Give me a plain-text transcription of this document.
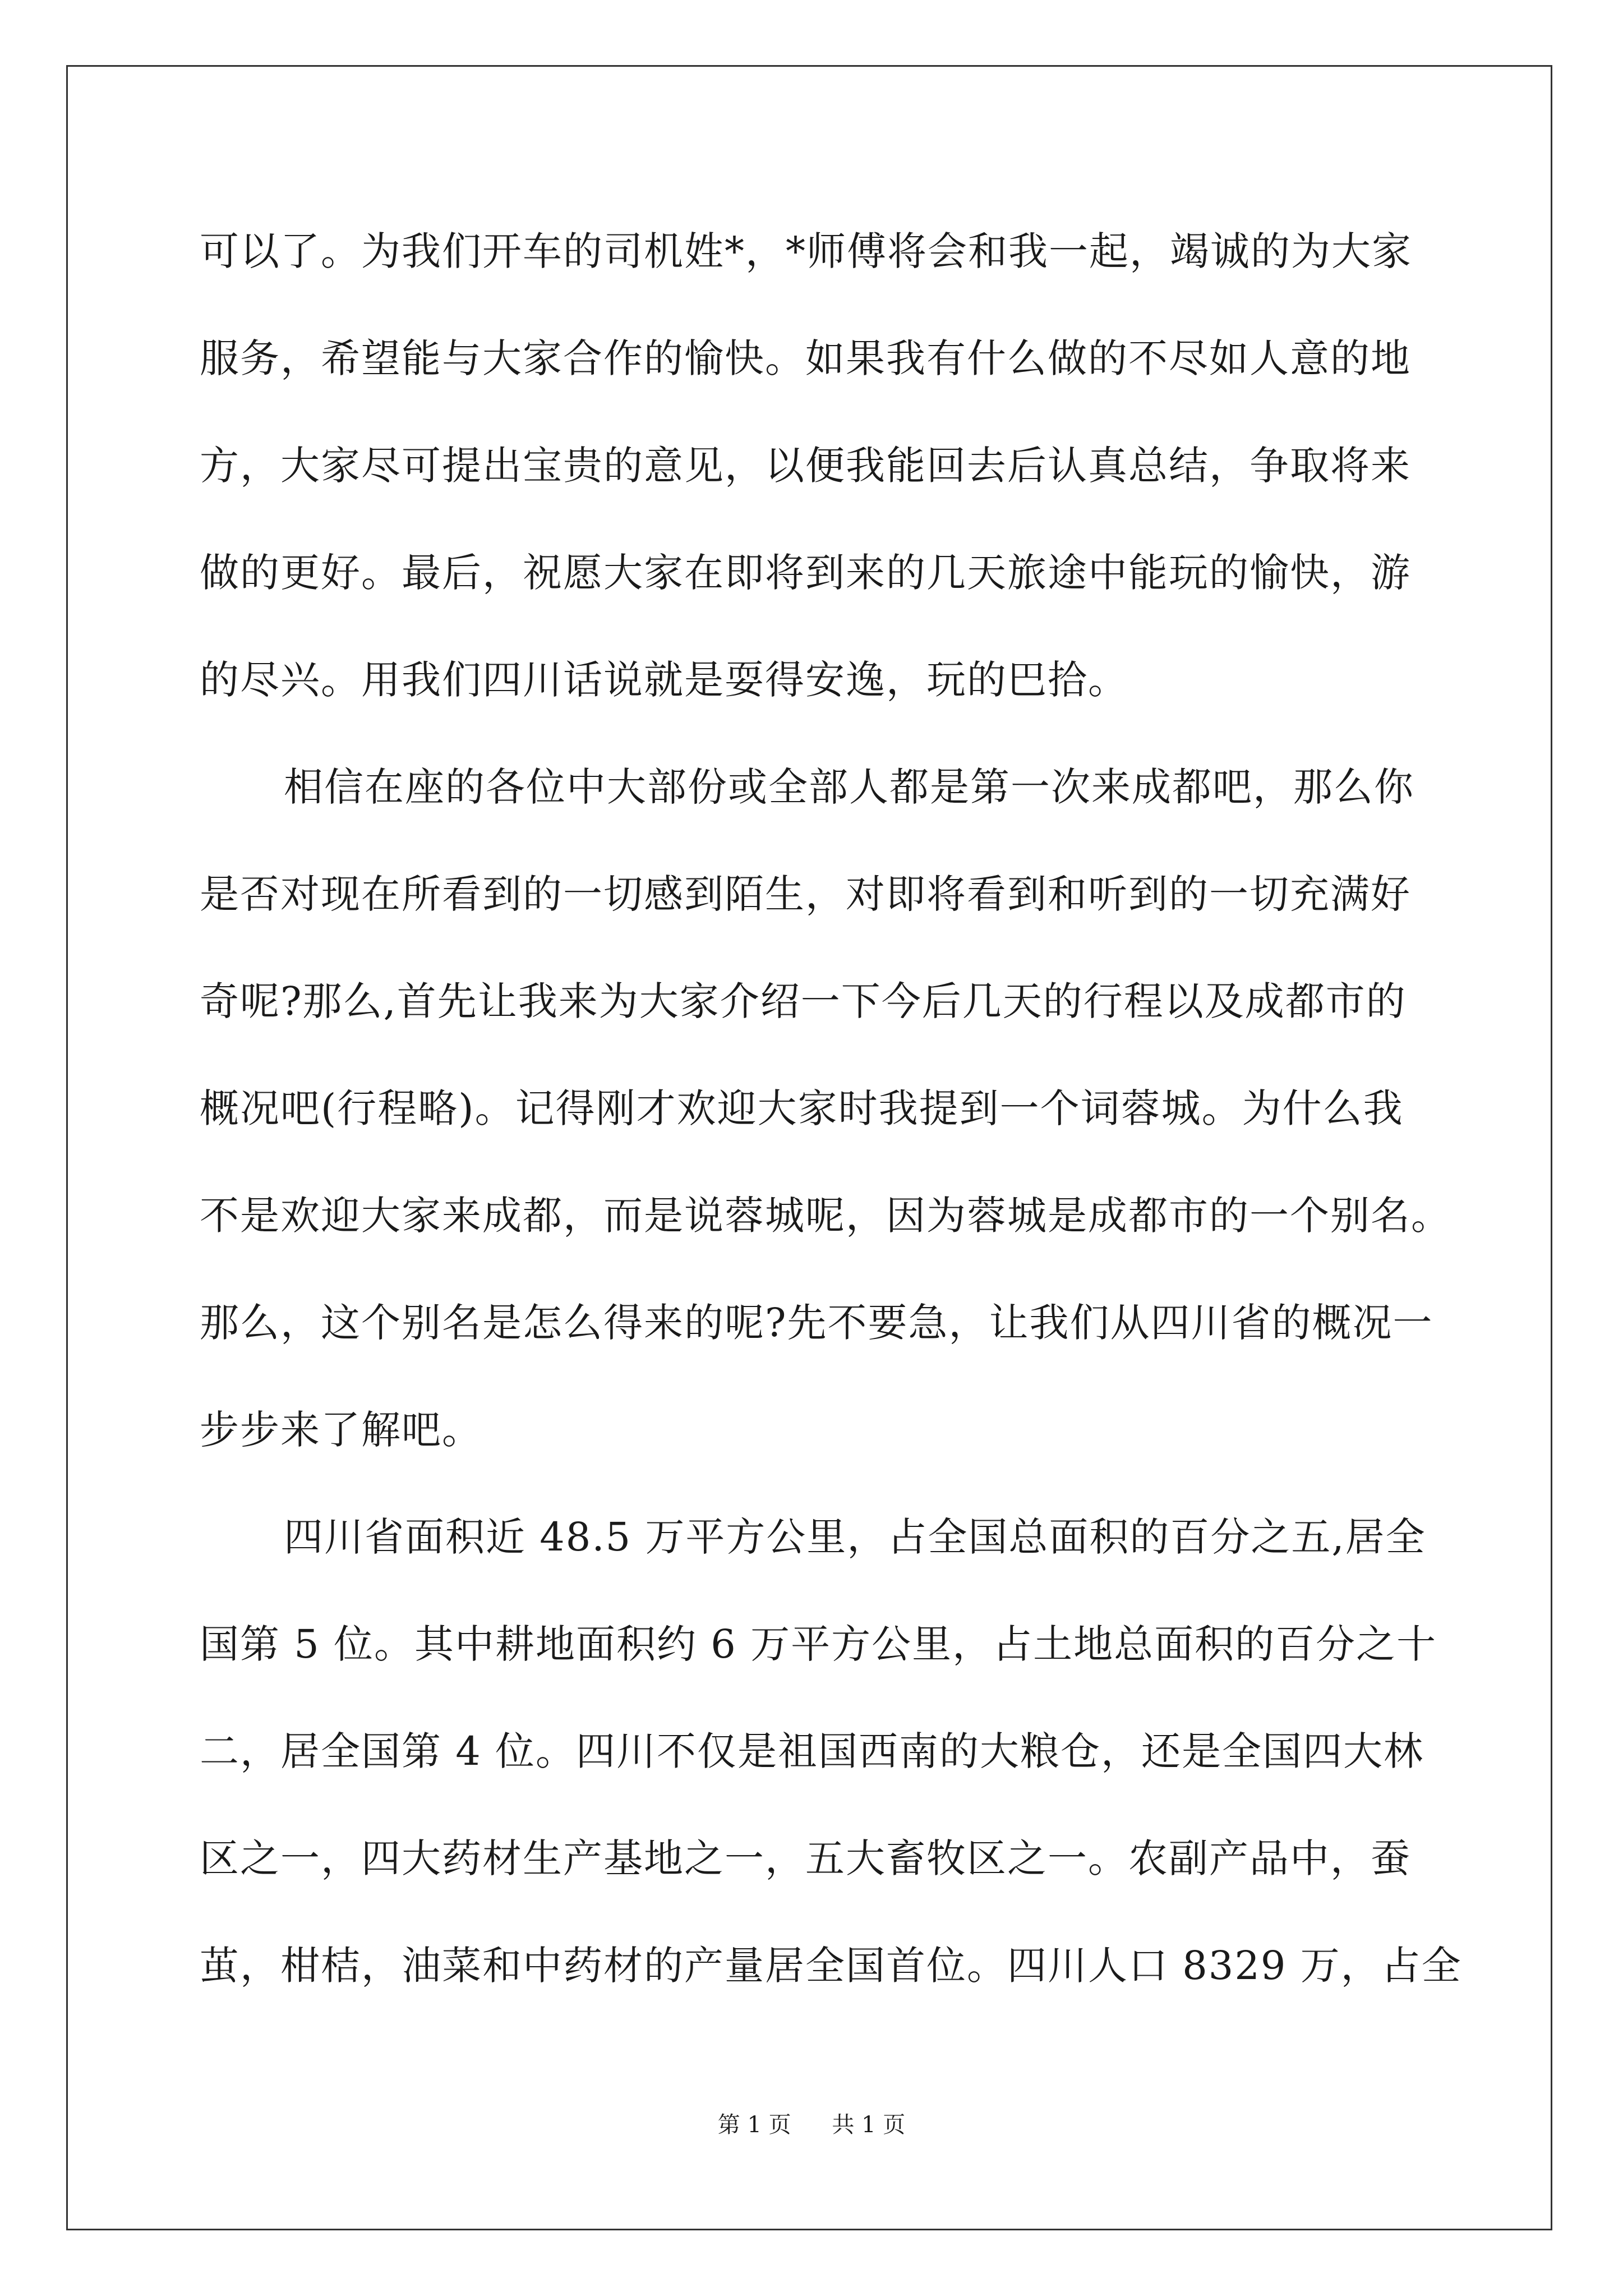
可以了。为我们开车的司机姓*，*师傅将会和我一起，竭诚的为大家
服务，希望能与大家合作的愉快。如果我有什么做的不尽如人意的地
方，大家尽可提出宝贵的意见，以便我能回去后认真总结，争取将来
做的更好。最后，祝愿大家在即将到来的几天旅途中能玩的愉快，游
的尽兴。用我们四川话说就是耍得安逸，玩的巴拾。
相信在座的各位中大部份或全部人都是第一次来成都吧，那么你
是否对现在所看到的一切感到陌生，对即将看到和听到的一切充满好
奇呢?那么,首先让我来为大家介绍一下今后几天的行程以及成都市的
概况吧(行程略)。记得刚才欢迎大家时我提到一个词蓉城。为什么我
不是欢迎大家来成都，而是说蓉城呢，因为蓉城是成都市的一个别名。
那么，这个别名是怎么得来的呢?先不要急，让我们从四川省的概况一
步步来了解吧。
四川省面积近 48.5 万平方公里，占全国总面积的百分之五,居全
国第 5 位。其中耕地面积约 6 万平方公里，占土地总面积的百分之十
二，居全国第 4 位。四川不仅是祖国西南的大粮仓，还是全国四大林
区之一，四大药材生产基地之一，五大畜牧区之一。农副产品中，蚕
茧，柑桔，油菜和中药材的产量居全国首位。四川人口 8329 万，占全
第 1 页 共 1 页
